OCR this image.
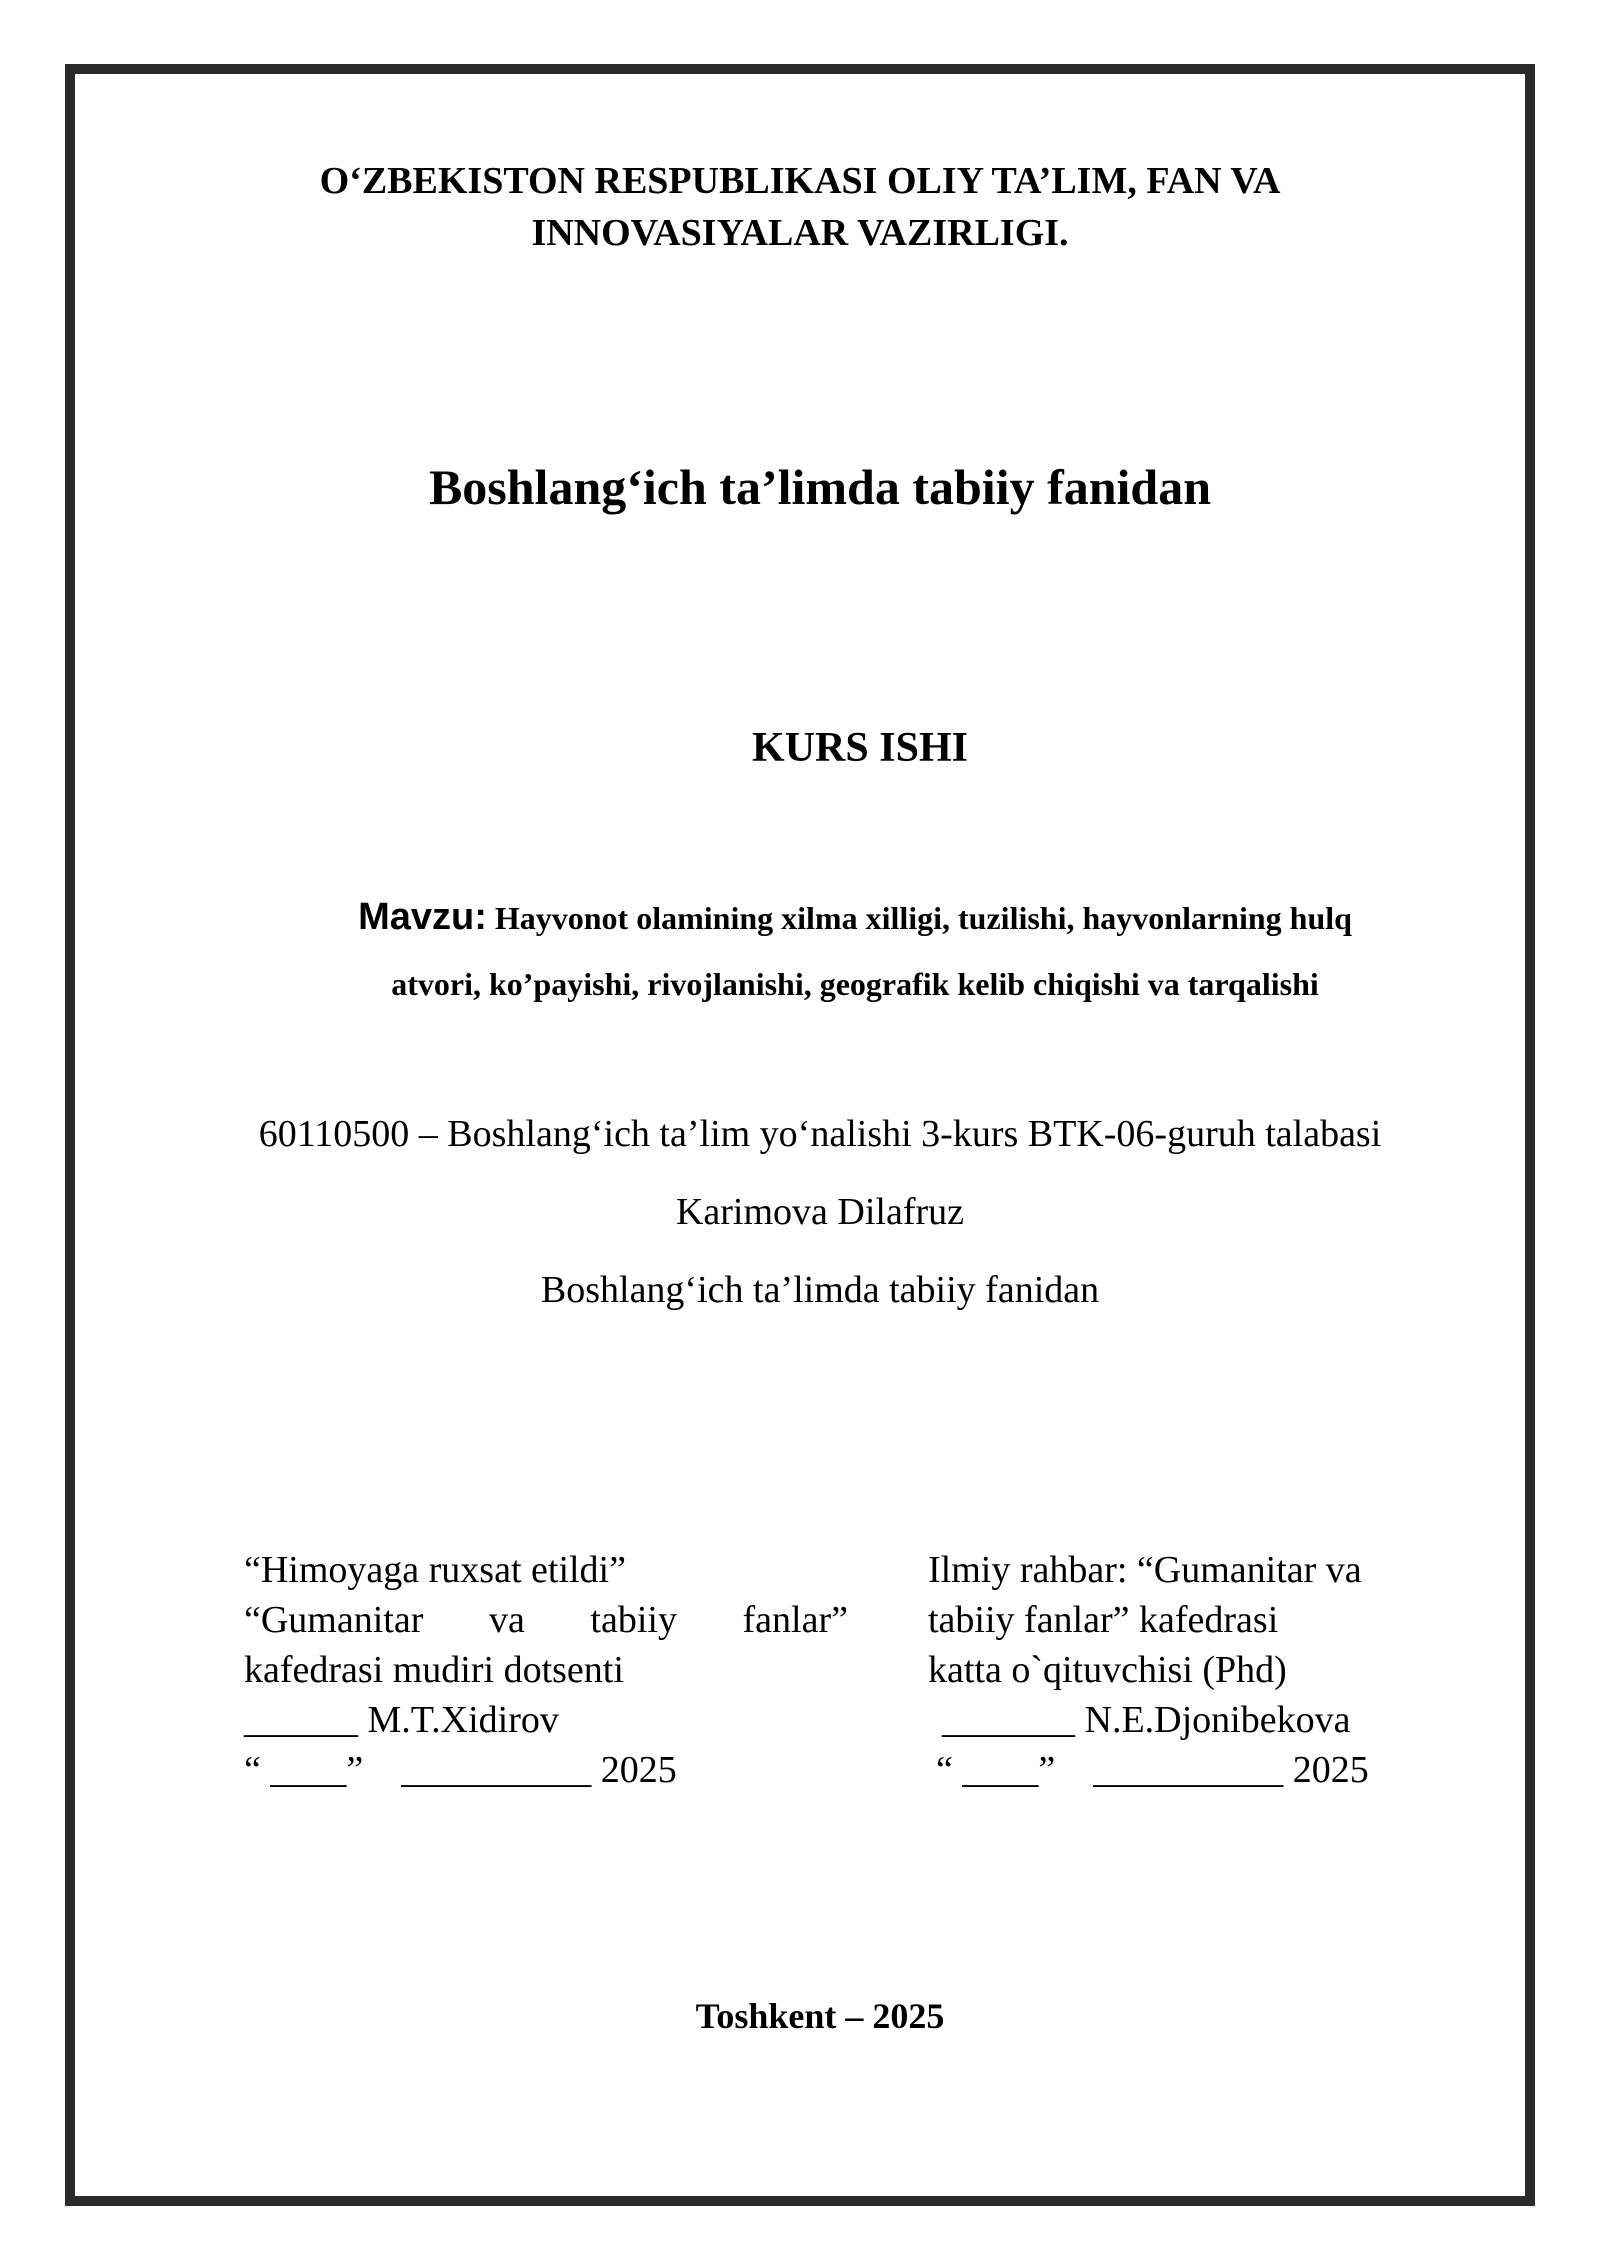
O‘ZBEKISTON RESPUBLIKASI OLIY TA’LIM, FAN VA
INNOVASIYALAR VAZIRLIGI.
Boshlang‘ich ta’limda tabiiy fanidan
KURS ISHI
Mavzu: Hayvonot olamining xilma xilligi, tuzilishi, hayvonlarning hulq
atvori, ko’payishi, rivojlanishi, geografik kelib chiqishi va tarqalishi
60110500 – Boshlang‘ich ta’lim yo‘nalishi 3-kurs BTK-06-guruh talabasi
Karimova Dilafruz
Boshlang‘ich ta’limda tabiiy fanidan
“Himoyaga ruxsat etildi”
“Gumanitar va tabiiy fanlar”
kafedrasi mudiri dotsenti
______ M.T.Xidirov
“ ____”    __________ 2025
Ilmiy rahbar: “Gumanitar va
tabiiy fanlar” kafedrasi
katta o`qituvchisi (Phd)
_______ N.E.Djonibekova
“ ____”    __________ 2025
Toshkent – 2025
